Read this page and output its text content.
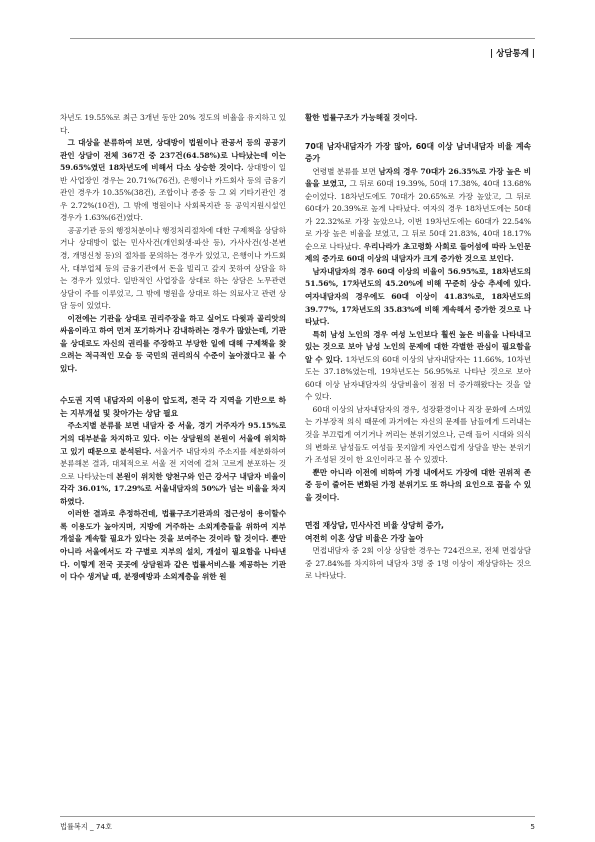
| 상담통계 |

차년도 19.55%로 최근 3개년 동안 20% 정도의 비율을 유지하고 있다.

그 대상을 분류하여 보면, 상대방이 법원이나 관공서 등의 공공기관인 상담이 전체 367건 중 237건(64.58%)로 나타났는데 이는 59.65%였던 18차년도에 비해서 다소 상승한 것이다. 상대방이 일반 사업장인 경우는 20.71%(76건), 은행이나 카드회사 등의 금융기관인 경우가 10.35%(38건), 조합이나 종중 등 그 외 기타기관인 경우 2.72%(10건), 그 밖에 병원이나 사회복지관 등 공익지원시설인 경우가 1.63%(6건)였다.

공공기관 등의 행정처분이나 행정처리절차에 대한 구제책을 상담하거나 상대방이 없는 민사사건(개인회생·파산 등), 가사사건(성·본변경, 개명신청 등)의 절차를 문의하는 경우가 있었고, 은행이나 카드회사, 대부업체 등의 금융기관에서 돈을 빌리고 갚지 못하여 상담을 하는 경우가 있었다. 일반적인 사업장을 상대로 하는 상담은 노무관련 상담이 주를 이루었고, 그 밖에 병원을 상대로 하는 의료사고 관련 상담 등이 있었다.

이전에는 기관을 상대로 권리주장을 하고 싶어도 다윗과 골리앗의 싸움이라고 하여 먼저 포기하거나 감내하려는 경우가 많았는데, 기관을 상대로도 자신의 권리를 주장하고 부당한 일에 대해 구제책을 찾으려는 적극적인 모습 등 국민의 권리의식 수준이 높아졌다고 볼 수 있다.

수도권 지역 내담자의 이용이 압도적, 전국 각 지역을 기반으로 하는 지부개설 및 찾아가는 상담 필요

주소지별 분류를 보면 내담자 중 서울, 경기 거주자가 95.15%로 거의 대부분을 차지하고 있다. 이는 상담원의 본원이 서울에 위치하고 있기 때문으로 분석된다. 서울거주 내담자의 주소지를 세분화하여 분류해본 결과, 대체적으로 서울 전 지역에 걸쳐 고르게 분포하는 것으로 나타났는데 본원이 위치한 양천구와 인근 강서구 내담자 비율이 각각 36.01%, 17.29%로 서울내담자의 50%가 넘는 비율을 차지하였다.

이러한 결과로 추정하건데, 법률구조기관과의 접근성이 용이할수록 이용도가 높아지며, 지방에 거주하는 소외계층들을 위하여 지부 개설을 계속할 필요가 있다는 것을 보여주는 것이라 할 것이다. 뿐만 아니라 서울에서도 각 구별로 지부의 설치, 개설이 필요함을 나타낸다. 이렇게 전국 곳곳에 상담원과 같은 법률서비스를 제공하는 기관이 다수 생겨날 때, 분쟁예방과 소외계층을 위한 원

활한 법률구조가 가능해질 것이다.

70대 남자내담자가 가장 많아, 60대 이상 남녀내담자 비율 계속 증가

연령별 분류를 보면 남자의 경우 70대가 26.35%로 가장 높은 비율을 보였고, 그 뒤로 60대 19.39%, 50대 17.38%, 40대 13.68% 순이었다. 18차년도에도 70대가 20.65%로 가장 높았고, 그 뒤로 60대가 20.39%로 높게 나타났다. 여자의 경우 18차년도에는 50대가 22.32%로 가장 높았으나, 이번 19차년도에는 60대가 22.54%로 가장 높은 비율을 보였고, 그 뒤로 50대 21.83%, 40대 18.17% 순으로 나타났다. 우리나라가 초고령화 사회로 들어섬에 따라 노인문제의 증가로 60대 이상의 내담자가 크게 증가한 것으로 보인다.

남자내담자의 경우 60대 이상의 비율이 56.95%로, 18차년도의 51.56%, 17차년도의 45.20%에 비해 꾸준히 상승 추세에 있다. 여자내담자의 경우에도 60대 이상이 41.83%로, 18차년도의 39.77%, 17차년도의 35.83%에 비해 계속해서 증가한 것으로 나타났다.

특히 남성 노인의 경우 여성 노인보다 훨씬 높은 비율을 나타내고 있는 것으로 보아 남성 노인의 문제에 대한 각별한 관심이 필요함을 알 수 있다. 1차년도의 60대 이상의 남자내담자는 11.66%, 10차년도는 37.18%였는데, 19차년도는 56.95%로 나타난 것으로 보아 60대 이상 남자내담자의 상담비율이 점점 더 증가해왔다는 것을 알 수 있다.

60대 이상의 남자내담자의 경우, 성장환경이나 직장 문화에 스며있는 가부장적 의식 때문에 과거에는 자신의 문제를 남들에게 드러내는 것을 부끄럽게 여기거나 꺼리는 분위기였으나, 근래 들어 시대와 의식의 변화로 남성들도 여성들 못지않게 자연스럽게 상담을 받는 분위기가 조성된 것이 한 요인이라고 볼 수 있겠다.

뿐만 아니라 이전에 비하여 가정 내에서도 가장에 대한 권위적 존중 등이 줄어든 변화된 가정 분위기도 또 하나의 요인으로 꼽을 수 있을 것이다.

면접 재상담, 민사사건 비율 상당히 증가,

여전히 이혼 상담 비율은 가장 높아

면접내담자 중 2회 이상 상담한 경우는 724건으로, 전체 면접상담 중 27.84%를 차지하여 내담자 3명 중 1명 이상이 재상담하는 것으로 나타났다.

법률복지 _ 74호	5
